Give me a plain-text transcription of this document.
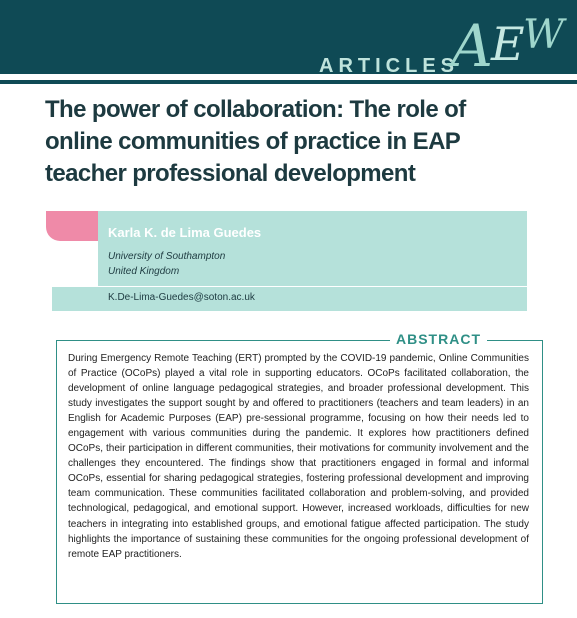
ARTICLES
A
E
W
The power of collaboration: The role of online communities of practice in EAP teacher professional development
Karla K. de Lima Guedes
University of Southampton
United Kingdom
K.De-Lima-Guedes@soton.ac.uk
ABSTRACT

During Emergency Remote Teaching (ERT) prompted by the COVID-19 pandemic, Online Communities of Practice (OCoPs) played a vital role in supporting educators. OCoPs facilitated collaboration, the development of online language pedagogical strategies, and broader professional development. This study investigates the support sought by and offered to practitioners (teachers and team leaders) in an English for Academic Purposes (EAP) pre-sessional programme, focusing on how their needs led to engagement with various communities during the pandemic. It explores how practitioners defined OCoPs, their participation in different communities, their motivations for community involvement and the challenges they encountered. The findings show that practitioners engaged in formal and informal OCoPs, essential for sharing pedagogical strategies, fostering professional development and improving team communication. These communities facilitated collaboration and problem-solving, and provided technological, pedagogical, and emotional support. However, increased workloads, difficulties for new teachers in integrating into established groups, and emotional fatigue affected participation. The study highlights the importance of sustaining these communities for the ongoing professional development of remote EAP practitioners.
